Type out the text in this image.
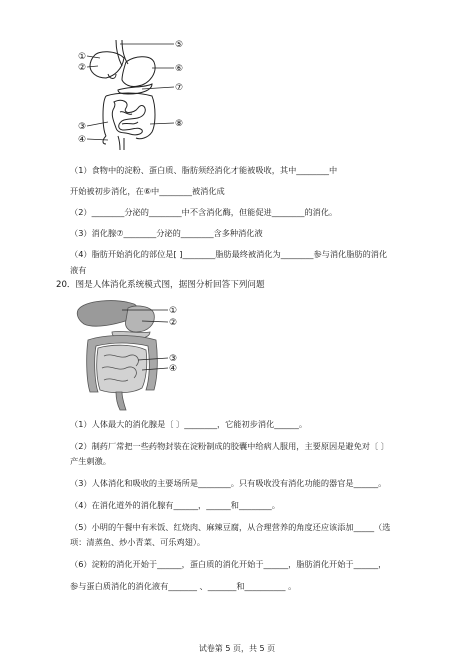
①
②
③
④
⑤
⑥
⑦
⑧
（1）食物中的淀粉、蛋白质、脂肪须经消化才能被吸收，其中________中
开始被初步消化，在⑥中________被消化成
（2）________分泌的________中不含消化酶，但能促进________的消化。
（3）消化腺⑦________分泌的________含多种消化液
（4）脂肪开始消化的部位是[ ]________脂肪最终被消化为________参与消化脂肪的消化
液有
20．图是人体消化系统模式图，据图分析回答下列问题
①
②
③
④
（1）人体最大的消化腺是〔 〕________，它能初步消化______。
（2）制药厂常把一些药物封装在淀粉制成的胶囊中给病人服用，主要原因是避免对〔 〕
产生刺激。
（3）人体消化和吸收的主要场所是________。只有吸收没有消化功能的器官是______。
（4）在消化道外的消化腺有______，______和________。
（5）小明的午餐中有米饭、红烧肉、麻辣豆腐，从合理营养的角度还应该添加_____（选
项：清蒸鱼、炒小青菜、可乐鸡翅）。
（6）淀粉的消化开始于______，蛋白质的消化开始于______，脂肪消化开始于______，
参与蛋白质消化的消化液有_______ 、_______和__________ 。
试卷第 5 页，共 5 页
